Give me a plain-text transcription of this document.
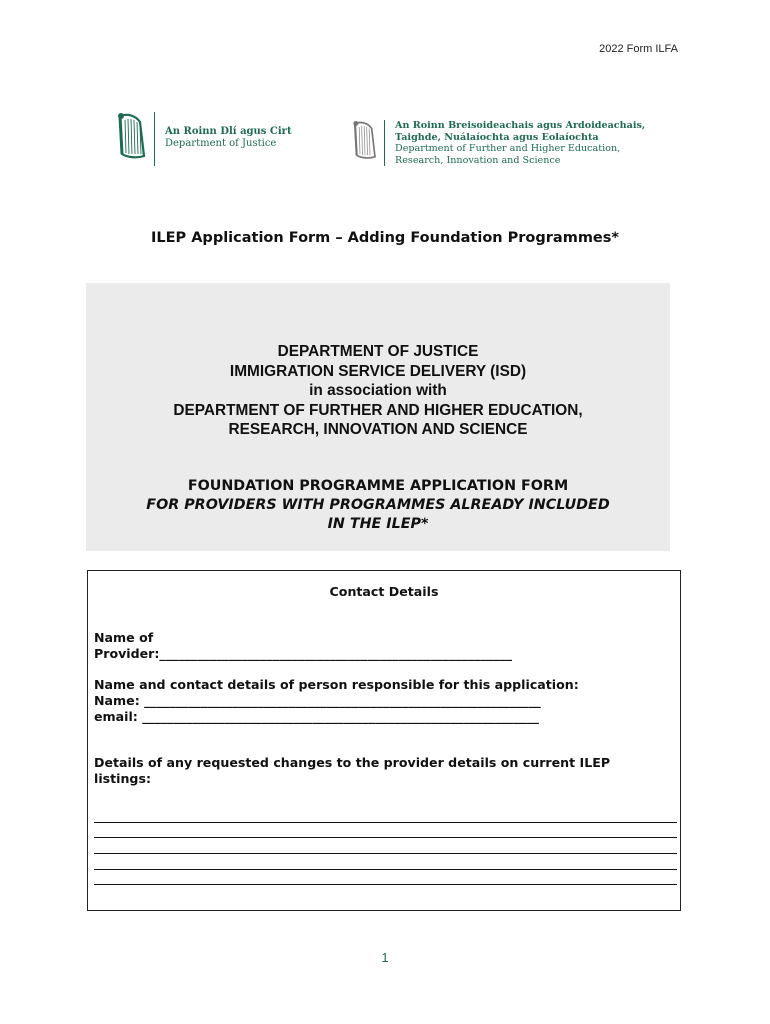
2022 Form ILFA
An Roinn Dlí agus Cirt
Department of Justice
An Roinn Breisoideachais agus Ardoideachais,
Taighde, Nuálaíochta agus Eolaíochta
Department of Further and Higher Education,
Research, Innovation and Science
ILEP Application Form – Adding Foundation Programmes*
DEPARTMENT OF JUSTICE
IMMIGRATION SERVICE DELIVERY (ISD)
in association with
DEPARTMENT OF FURTHER AND HIGHER EDUCATION,
RESEARCH, INNOVATION AND SCIENCE
FOUNDATION PROGRAMME APPLICATION FORM
FOR PROVIDERS WITH PROGRAMMES ALREADY INCLUDED
IN THE ILEP*
Contact Details
Name of
Provider:________________________________________________________
Name and contact details of person responsible for this application:
Name: _______________________________________________________________
email: _______________________________________________________________
Details of any requested changes to the provider details on current ILEP
listings:
1
